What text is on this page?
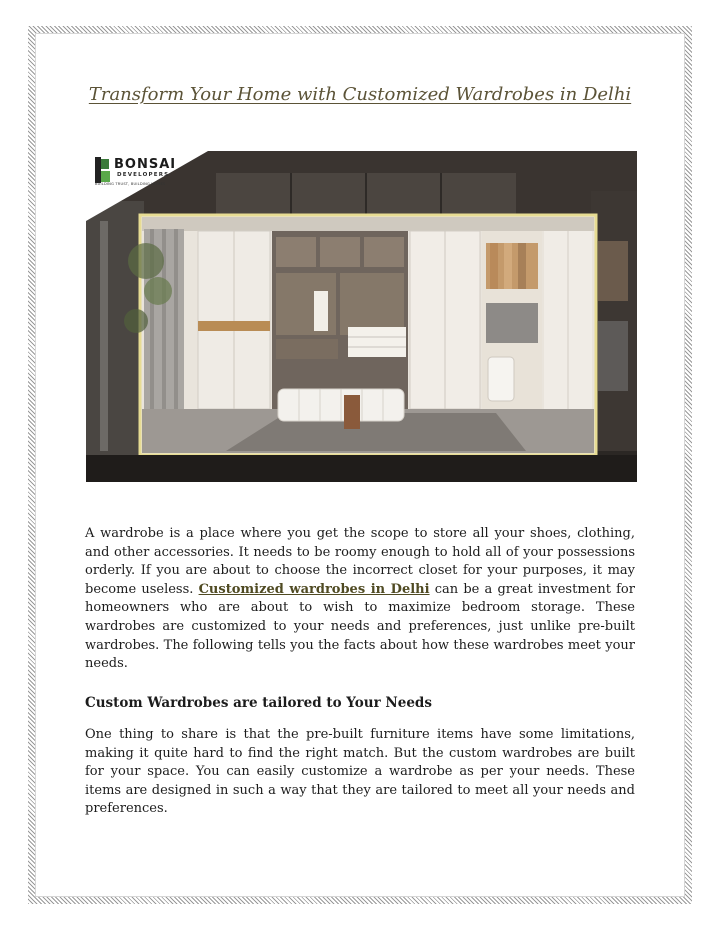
Transform Your Home with Customized Wardrobes in Delhi
BONSAI
DEVELOPERS
BUILDING TRUST, BUILDING HOMES

A wardrobe is a place where you get the scope to store all your shoes, clothing, and other accessories. It needs to be roomy enough to hold all of your possessions orderly. If you are about to choose the incorrect closet for your purposes, it may become useless. Customized wardrobes in Delhi can be a great investment for homeowners who are about to wish to maximize bedroom storage. These wardrobes are customized to your needs and preferences, just unlike pre-built wardrobes. The following tells you the facts about how these wardrobes meet your needs.

Custom Wardrobes are tailored to Your Needs

One thing to share is that the pre-built furniture items have some limitations, making it quite hard to find the right match. But the custom wardrobes are built for your space. You can easily customize a wardrobe as per your needs. These items are designed in such a way that they are tailored to meet all your needs and preferences.
